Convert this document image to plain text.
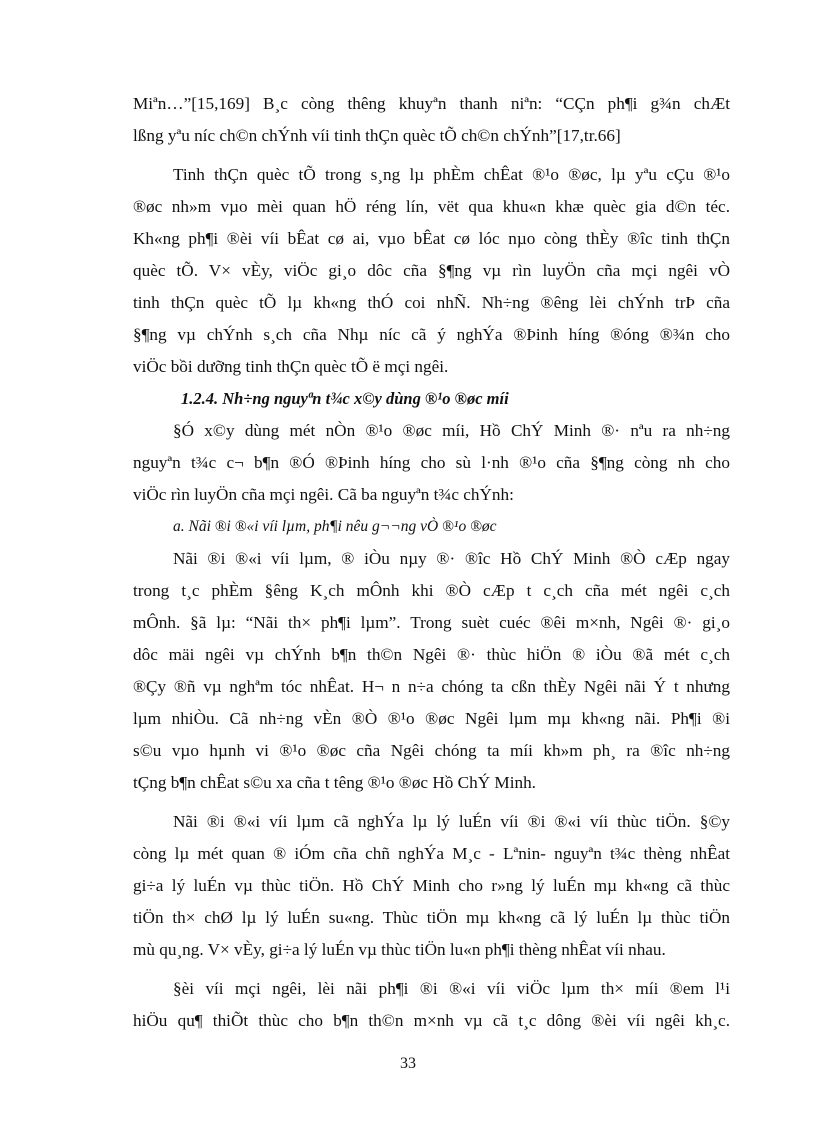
Miªn…”[15,169] B¸c còng thêng khuyªn thanh niªn: “CÇn ph¶i g¾n chÆt
lßng yªu níc ch©n chÝnh víi tinh thÇn quèc tÕ ch©n chÝnh”[17,tr.66]
Tinh thÇn quèc tÕ trong s¸ng lµ phÈm chÊat ®¹o ®øc, lµ yªu cÇu ®¹o
®øc nh»m vµo mèi quan hÖ réng lín, vët qua khu«n khæ quèc gia d©n téc.
Kh«ng ph¶i ®èi víi bÊat cø ai, vµo bÊat cø lóc nµo còng thÈy ®îc tinh thÇn
quèc tÕ. V× vÈy, viÖc gi¸o dôc cña §¶ng vµ rìn luyÖn cña mçi ngêi vÒ
tinh thÇn quèc tÕ lµ kh«ng thÓ coi nhÑ. Nh÷ng ®êng lèi chÝnh trÞ cña
§¶ng vµ chÝnh s¸ch cña Nhµ níc cã ý nghÝa ®Þinh híng ®óng ®¾n cho
viÖc bồi dưỡng tinh thÇn quèc tÕ ë mçi ngêi.
1.2.4. Nh÷ng nguyªn t¾c x©y dùng ®¹o ®øc míi
§Ó x©y dùng mét nÒn ®¹o ®øc míi, Hồ ChÝ Minh ®· nªu ra nh÷ng
nguyªn t¾c c¬ b¶n ®Ó ®Þinh híng cho sù l·nh ®¹o cña §¶ng còng nh cho
viÖc rìn luyÖn cña mçi ngêi. Cã ba nguyªn t¾c chÝnh:
a. Nãi ®i ®«i víi lµm, ph¶i nêu g¬¬ng vÒ ®¹o ®øc
Nãi ®i ®«i víi lµm, ® iÒu nµy ®· ®îc Hồ ChÝ Minh ®Ò cÆp ngay
trong t¸c phÈm §êng K¸ch mÔnh khi ®Ò cÆp t c¸ch cña mét ngêi c¸ch
mÔnh. §ã lµ: “Nãi th× ph¶i lµm”. Trong suèt cuéc ®êi m×nh, Ngêi ®· gi¸o
dôc mäi ngêi vµ chÝnh b¶n th©n Ngêi ®· thùc hiÖn ® iÒu ®ã mét c¸ch
®Çy ®ñ vµ nghªm tóc nhÊat. H¬ n n÷a chóng ta cßn thÈy Ngêi nãi Ý t nhưng
lµm nhiÒu. Cã nh÷ng vÈn ®Ò ®¹o ®øc Ngêi lµm mµ kh«ng nãi. Ph¶i ®i
s©u vµo hµnh vi ®¹o ®øc cña Ngêi chóng ta míi kh»m ph¸ ra ®îc nh÷ng
tÇng b¶n chÊat s©u xa cña t têng ®¹o ®øc Hồ ChÝ Minh.
Nãi ®i ®«i víi lµm cã nghÝa lµ lý luÉn víi ®i ®«i víi thùc tiÖn. §©y
còng lµ mét quan ® iÓm cña chñ nghÝa M¸c - Lªnin- nguyªn t¾c thèng nhÊat
gi÷a lý luÉn vµ thùc tiÖn. Hồ ChÝ Minh cho r»ng lý luÉn mµ kh«ng cã thùc
tiÖn th× chØ lµ lý luÉn su«ng. Thùc tiÖn mµ kh«ng cã lý luÉn lµ thùc tiÖn
mù qu¸ng. V× vÈy, gi÷a lý luÉn vµ thùc tiÖn lu«n ph¶i thèng nhÊat víi nhau.
§èi víi mçi ngêi, lèi nãi ph¶i ®i ®«i víi viÖc lµm th× míi ®em l¹i
hiÖu qu¶ thiÕt thùc cho b¶n th©n m×nh vµ cã t¸c dông ®èi víi ngêi kh¸c.
33
